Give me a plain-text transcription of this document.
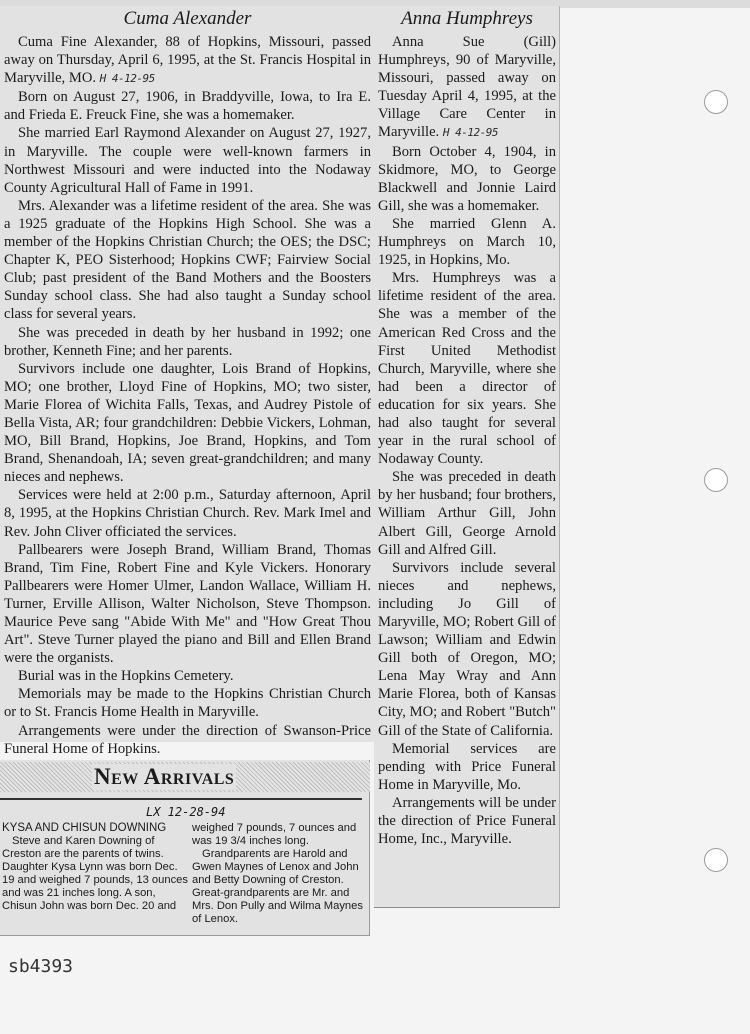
Cuma Alexander

Cuma Fine Alexander, 88 of Hopkins, Missouri, passed away on Thursday, April 6, 1995, at the St. Francis Hospital in Maryville, MO. H 4-12-95

Born on August 27, 1906, in Braddyville, Iowa, to Ira E. and Frieda E. Freuck Fine, she was a homemaker.

She married Earl Raymond Alexander on August 27, 1927, in Maryville. The couple were well-known farmers in Northwest Missouri and were inducted into the Nodaway County Agricultural Hall of Fame in 1991.

Mrs. Alexander was a lifetime resident of the area. She was a 1925 graduate of the Hopkins High School. She was a member of the Hopkins Christian Church; the OES; the DSC; Chapter K, PEO Sisterhood; Hopkins CWF; Fairview Social Club; past president of the Band Mothers and the Boosters Sunday school class. She had also taught a Sunday school class for several years.

She was preceded in death by her husband in 1992; one brother, Kenneth Fine; and her parents.

Survivors include one daughter, Lois Brand of Hopkins, MO; one brother, Lloyd Fine of Hopkins, MO; two sister, Marie Florea of Wichita Falls, Texas, and Audrey Pistole of Bella Vista, AR; four grandchildren: Debbie Vickers, Lohman, MO, Bill Brand, Hopkins, Joe Brand, Hopkins, and Tom Brand, Shenandoah, IA; seven great-grandchildren; and many nieces and nephews.

Services were held at 2:00 p.m., Saturday afternoon, April 8, 1995, at the Hopkins Christian Church. Rev. Mark Imel and Rev. John Cliver officiated the services.

Pallbearers were Joseph Brand, William Brand, Thomas Brand, Tim Fine, Robert Fine and Kyle Vickers. Honorary Pallbearers were Homer Ulmer, Landon Wallace, William H. Turner, Erville Allison, Walter Nicholson, Steve Thompson. Maurice Peve sang "Abide With Me" and "How Great Thou Art". Steve Turner played the piano and Bill and Ellen Brand were the organists.

Burial was in the Hopkins Cemetery.

Memorials may be made to the Hopkins Christian Church or to St. Francis Home Health in Maryville.

Arrangements were under the direction of Swanson-Price Funeral Home of Hopkins.

Anna Humphreys

Anna Sue (Gill) Humphreys, 90 of Maryville, Missouri, passed away on Tuesday April 4, 1995, at the Village Care Center in Maryville. H 4-12-95

Born October 4, 1904, in Skidmore, MO, to George Blackwell and Jonnie Laird Gill, she was a homemaker.

She married Glenn A. Humphreys on March 10, 1925, in Hopkins, Mo.

Mrs. Humphreys was a lifetime resident of the area. She was a member of the American Red Cross and the First United Methodist Church, Maryville, where she had been a director of education for six years. She had also taught for several year in the rural school of Nodaway County.

She was preceded in death by her husband; four brothers, William Arthur Gill, John Albert Gill, George Arnold Gill and Alfred Gill.

Survivors include several nieces and nephews, including Jo Gill of Maryville, MO; Robert Gill of Lawson; William and Edwin Gill both of Oregon, MO; Lena May Wray and Ann Marie Florea, both of Kansas City, MO; and Robert "Butch" Gill of the State of California.

Memorial services are pending with Price Funeral Home in Maryville, Mo.

Arrangements will be under the direction of Price Funeral Home, Inc., Maryville.

New Arrivals
LX 12-28-94

KYSA AND CHISUN DOWNING

Steve and Karen Downing of Creston are the parents of twins. Daughter Kysa Lynn was born Dec. 19 and weighed 7 pounds, 13 ounces and was 21 inches long. A son, Chisun John was born Dec. 20 and

weighed 7 pounds, 7 ounces and was 19 3/4 inches long.

Grandparents are Harold and Gwen Maynes of Lenox and John and Betty Downing of Creston. Great-grandparents are Mr. and Mrs. Don Pully and Wilma Maynes of Lenox.

sb4393
